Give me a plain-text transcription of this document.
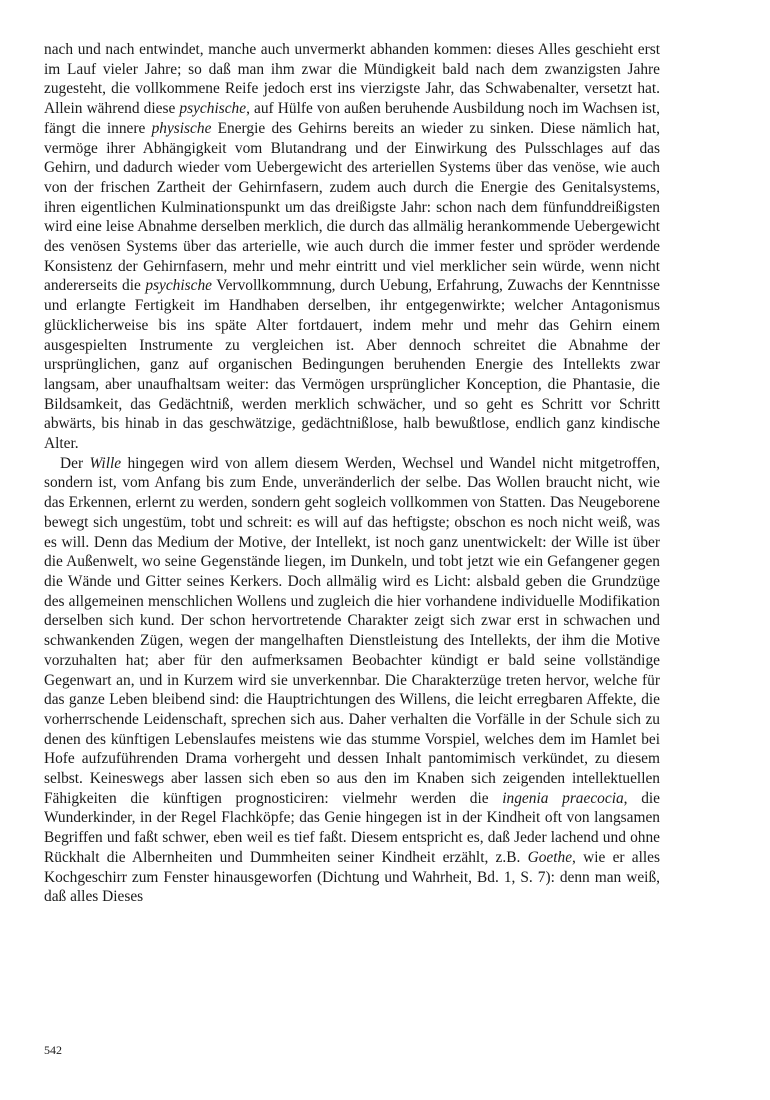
nach und nach entwindet, manche auch unvermerkt abhanden kommen: dieses Alles geschieht erst im Lauf vieler Jahre; so daß man ihm zwar die Mündigkeit bald nach dem zwanzigsten Jahre zugesteht, die vollkommene Reife jedoch erst ins vierzigste Jahr, das Schwabenalter, versetzt hat. Allein während diese psychische, auf Hülfe von außen beruhende Ausbildung noch im Wachsen ist, fängt die innere physische Energie des Gehirns bereits an wieder zu sinken. Diese nämlich hat, vermöge ihrer Abhängigkeit vom Blutandrang und der Einwirkung des Pulsschlages auf das Gehirn, und dadurch wieder vom Uebergewicht des arteriellen Systems über das venöse, wie auch von der frischen Zartheit der Gehirnfasern, zudem auch durch die Energie des Genitalsystems, ihren eigentlichen Kulminationspunkt um das dreißigste Jahr: schon nach dem fünfunddreißigsten wird eine leise Abnahme derselben merklich, die durch das allmälig herankommende Uebergewicht des venösen Systems über das arterielle, wie auch durch die immer fester und spröder werdende Konsistenz der Gehirnfasern, mehr und mehr eintritt und viel merklicher sein würde, wenn nicht andererseits die psychische Vervollkommnung, durch Uebung, Erfahrung, Zuwachs der Kenntnisse und erlangte Fertigkeit im Handhaben derselben, ihr entgegenwirkte; welcher Antagonismus glücklicherweise bis ins späte Alter fortdauert, indem mehr und mehr das Gehirn einem ausgespielten Instrumente zu vergleichen ist. Aber dennoch schreitet die Abnahme der ursprünglichen, ganz auf organischen Bedingungen beruhenden Energie des Intellekts zwar langsam, aber unaufhaltsam weiter: das Vermögen ursprünglicher Konception, die Phantasie, die Bildsamkeit, das Gedächtniß, werden merklich schwächer, und so geht es Schritt vor Schritt abwärts, bis hinab in das geschwätzige, gedächtnißlose, halb bewußtlose, endlich ganz kindische Alter.

Der Wille hingegen wird von allem diesem Werden, Wechsel und Wandel nicht mitgetroffen, sondern ist, vom Anfang bis zum Ende, unveränderlich der selbe. Das Wollen braucht nicht, wie das Erkennen, erlernt zu werden, sondern geht sogleich vollkommen von Statten. Das Neugeborene bewegt sich ungestüm, tobt und schreit: es will auf das heftigste; obschon es noch nicht weiß, was es will. Denn das Medium der Motive, der Intellekt, ist noch ganz unentwickelt: der Wille ist über die Außenwelt, wo seine Gegenstände liegen, im Dunkeln, und tobt jetzt wie ein Gefangener gegen die Wände und Gitter seines Kerkers. Doch allmälig wird es Licht: alsbald geben die Grundzüge des allgemeinen menschlichen Wollens und zugleich die hier vorhandene individuelle Modifikation derselben sich kund. Der schon hervortretende Charakter zeigt sich zwar erst in schwachen und schwankenden Zügen, wegen der mangelhaften Dienstleistung des Intellekts, der ihm die Motive vorzuhalten hat; aber für den aufmerksamen Beobachter kündigt er bald seine vollständige Gegenwart an, und in Kurzem wird sie unverkennbar. Die Charakterzüge treten hervor, welche für das ganze Leben bleibend sind: die Hauptrichtungen des Willens, die leicht erregbaren Affekte, die vorherrschende Leidenschaft, sprechen sich aus. Daher verhalten die Vorfälle in der Schule sich zu denen des künftigen Lebenslaufes meistens wie das stumme Vorspiel, welches dem im Hamlet bei Hofe aufzuführenden Drama vorhergeht und dessen Inhalt pantomimisch verkündet, zu diesem selbst. Keineswegs aber lassen sich eben so aus den im Knaben sich zeigenden intellektuellen Fähigkeiten die künftigen prognosticiren: vielmehr werden die ingenia praecocia, die Wunderkinder, in der Regel Flachköpfe; das Genie hingegen ist in der Kindheit oft von langsamen Begriffen und faßt schwer, eben weil es tief faßt. Diesem entspricht es, daß Jeder lachend und ohne Rückhalt die Albernheiten und Dummheiten seiner Kindheit erzählt, z.B. Goethe, wie er alles Kochgeschirr zum Fenster hinausgeworfen (Dichtung und Wahrheit, Bd. 1, S. 7): denn man weiß, daß alles Dieses

542
